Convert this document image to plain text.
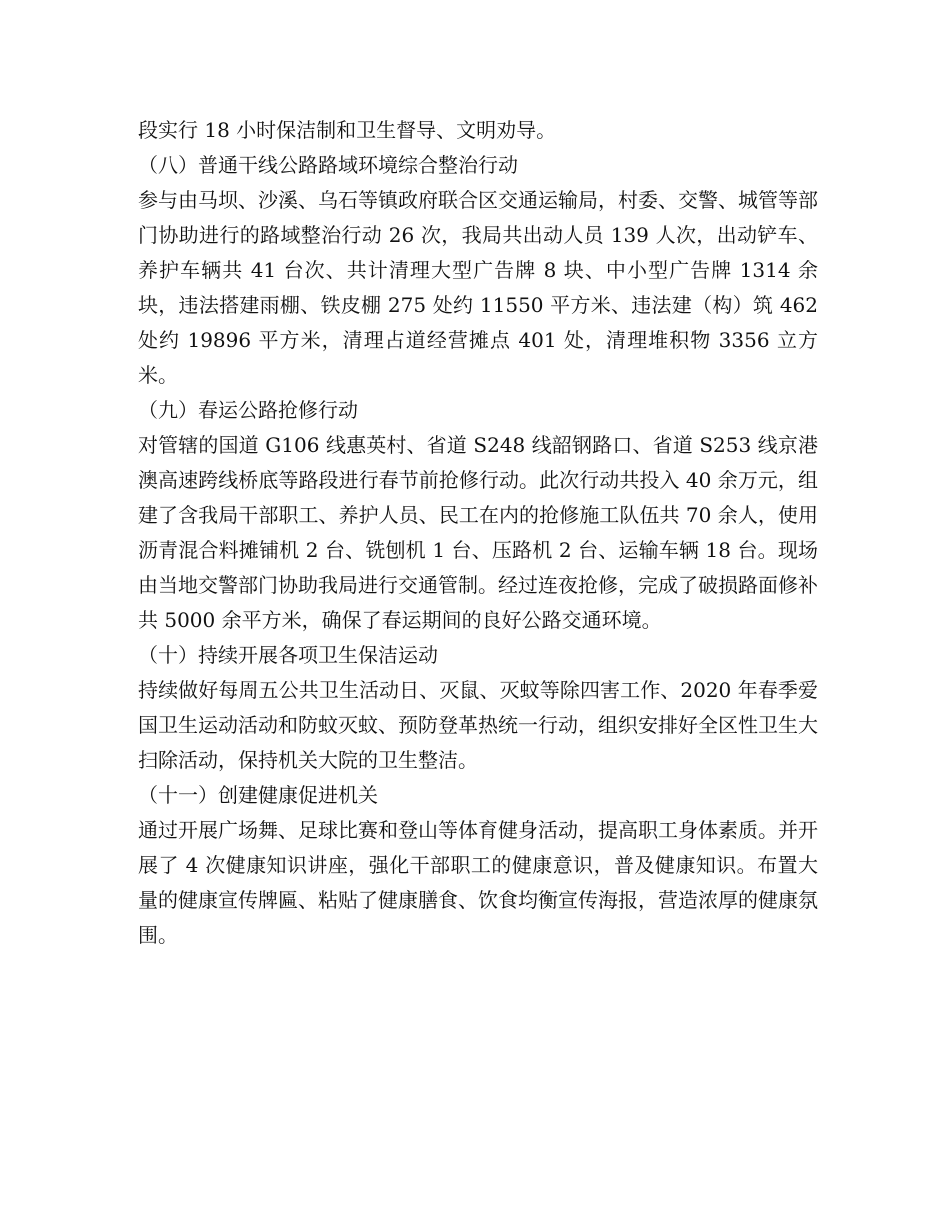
段实行 18 小时保洁制和卫生督导、文明劝导。

（八）普通干线公路路域环境综合整治行动

参与由马坝、沙溪、乌石等镇政府联合区交通运输局，村委、交警、城管等部门协助进行的路域整治行动 26 次，我局共出动人员 139 人次，出动铲车、养护车辆共 41 台次、共计清理大型广告牌 8 块、中小型广告牌 1314 余块，违法搭建雨棚、铁皮棚 275 处约 11550 平方米、违法建（构）筑 462 处约 19896 平方米，清理占道经营摊点 401 处，清理堆积物 3356 立方米。

（九）春运公路抢修行动

对管辖的国道 G106 线惠英村、省道 S248 线韶钢路口、省道 S253 线京港澳高速跨线桥底等路段进行春节前抢修行动。此次行动共投入 40 余万元，组建了含我局干部职工、养护人员、民工在内的抢修施工队伍共 70 余人，使用沥青混合料摊铺机 2 台、铣刨机 1 台、压路机 2 台、运输车辆 18 台。现场由当地交警部门协助我局进行交通管制。经过连夜抢修，完成了破损路面修补共 5000 余平方米，确保了春运期间的良好公路交通环境。

（十）持续开展各项卫生保洁运动

持续做好每周五公共卫生活动日、灭鼠、灭蚊等除四害工作、2020 年春季爱国卫生运动活动和防蚊灭蚊、预防登革热统一行动，组织安排好全区性卫生大扫除活动，保持机关大院的卫生整洁。

（十一）创建健康促进机关

通过开展广场舞、足球比赛和登山等体育健身活动，提高职工身体素质。并开展了 4 次健康知识讲座，强化干部职工的健康意识，普及健康知识。布置大量的健康宣传牌匾、粘贴了健康膳食、饮食均衡宣传海报，营造浓厚的健康氛围。
